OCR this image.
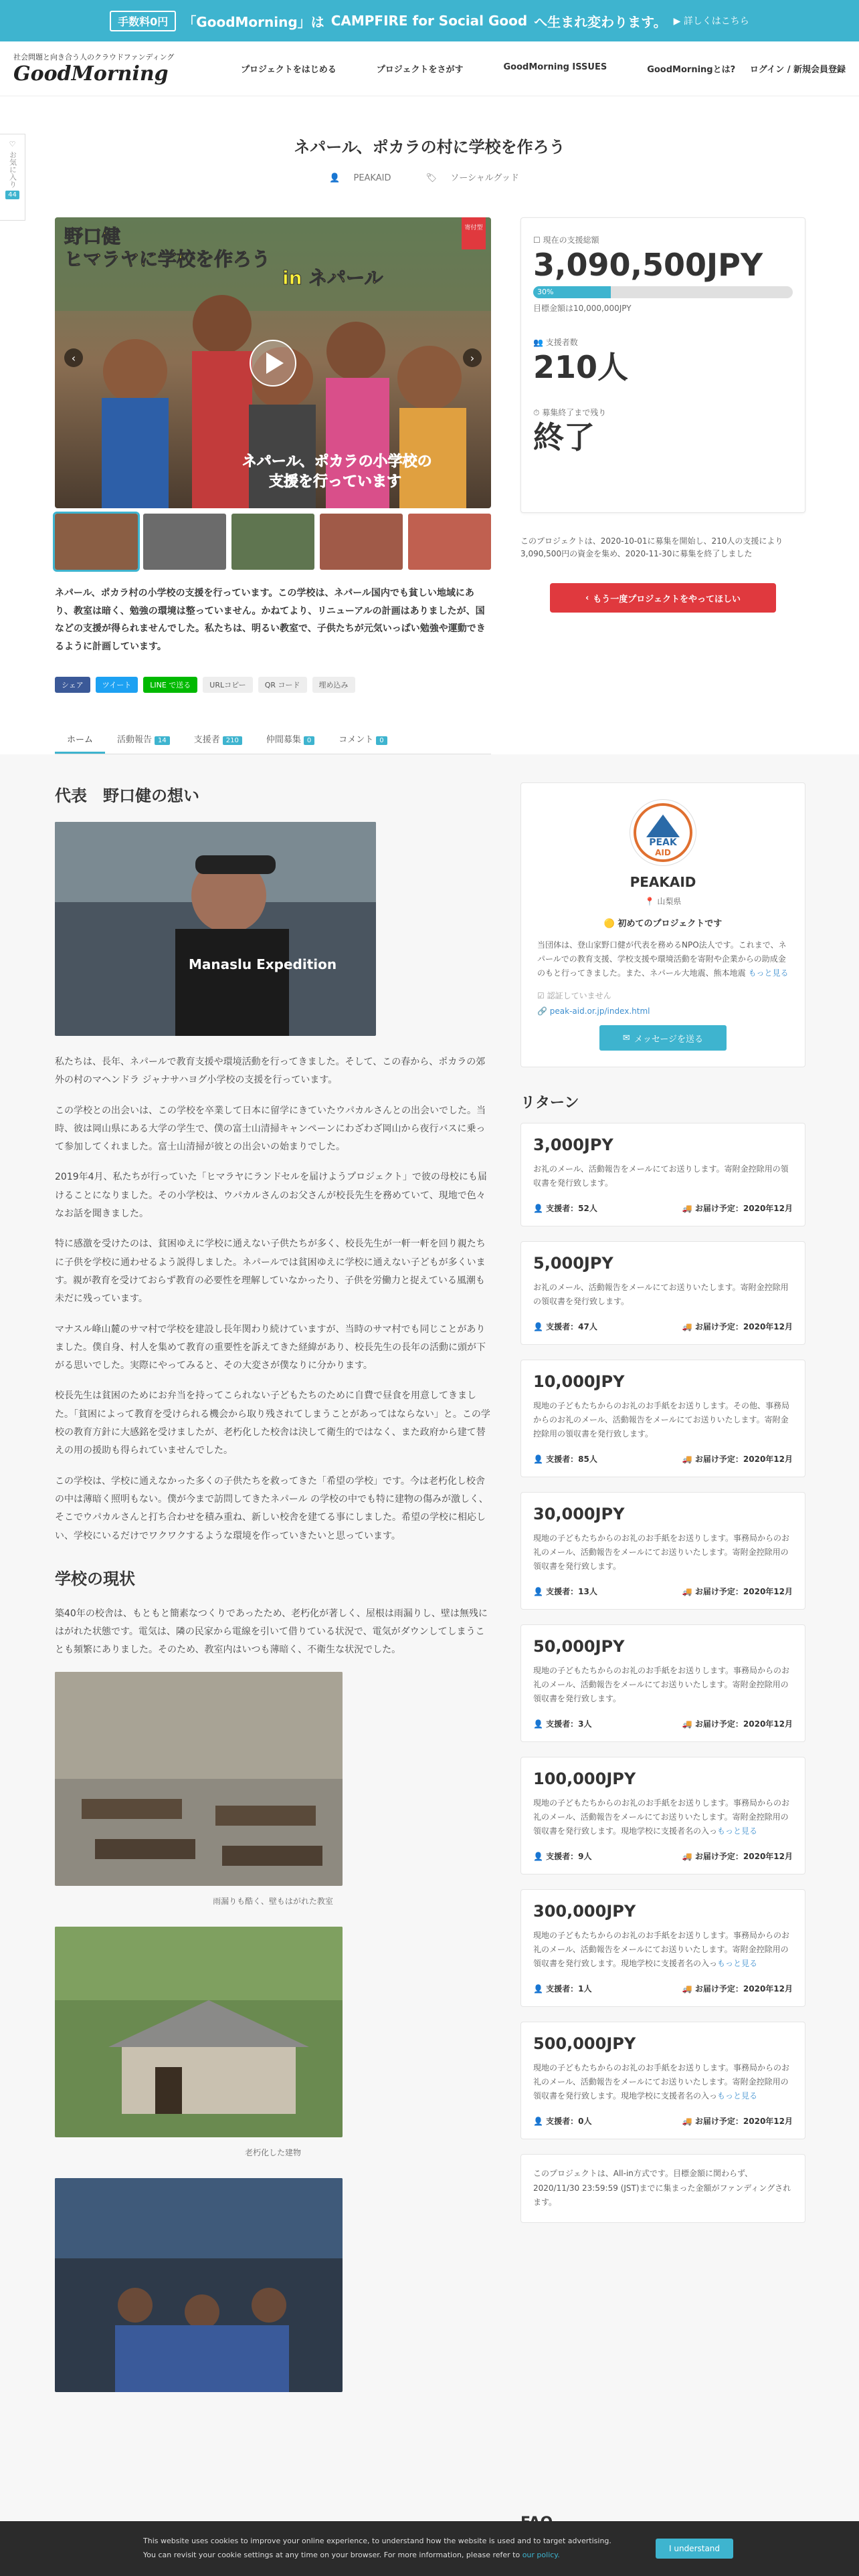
手数料0円	「GoodMorning」は CAMPFIRE for Social Good へ生まれ変わります。 ▶ 詳しくはこちら
社会問題と向き合う人のクラウドファンディング
GoodMorning	プロジェクトをはじめる	プロジェクトをさがす	GoodMorning ISSUES	GoodMorningとは? ログイン / 新規会員登録
♡
お気に入り
44
ネパール、ポカラの村に学校を作ろう
👤 PEAKAID	🏷 ソーシャルグッド
野口健
ヒマラヤに学校を作ろう
in ネパール
ネパール、ポカラの小学校の
支援を行っています
寄付型
‹	›
☐ 現在の支援総額
3,090,500JPY
30%
目標金額は10,000,000JPY
👥 支援者数
210人
⏱ 募集終了まで残り
終了
このプロジェクトは、2020-10-01に募集を開始し、210人の支援により3,090,500円の資金を集め、2020-11-30に募集を終了しました
‹ もう一度プロジェクトをやってほしい
ネパール、ポカラ村の小学校の支援を行っています。この学校は、ネパール国内でも貧しい地域にあり、教室は暗く、勉強の環境は整っていません。かねてより、リニューアルの計画はありましたが、国などの支援が得られませんでした。私たちは、明るい教室で、子供たちが元気いっぱい勉強や運動できるように計画しています。
シェア	ツイート	LINE で送る	URLコピー	QR コード	埋め込み
ホーム	活動報告 14	支援者 210	仲間募集 0	コメント 0
代表　野口健の想い
Manaslu Expedition

私たちは、長年、ネパールで教育支援や環境活動を行ってきました。そして、この春から、ポカラの郊外の村のマヘンドラ ジャナサハヨグ小学校の支援を行っています。

この学校との出会いは、この学校を卒業して日本に留学にきていたウパカルさんとの出会いでした。当時、彼は岡山県にある大学の学生で、僕の富士山清掃キャンペーンにわざわざ岡山から夜行バスに乗って参加してくれました。富士山清掃が彼との出会いの始まりでした。

2019年4月、私たちが行っていた「ヒマラヤにランドセルを届けようプロジェクト」で彼の母校にも届けることになりました。その小学校は、ウパカルさんのお父さんが校長先生を務めていて、現地で色々なお話を聞きました。

特に感激を受けたのは、貧困ゆえに学校に通えない子供たちが多く、校長先生が一軒一軒を回り親たちに子供を学校に通わせるよう説得しました。ネパールでは貧困ゆえに学校に通えない子どもが多くいます。親が教育を受けておらず教育の必要性を理解していなかったり、子供を労働力と捉えている風潮も未だに残っています。

マナスル峰山麓のサマ村で学校を建設し長年関わり続けていますが、当時のサマ村でも同じことがありました。僕自身、村人を集めて教育の重要性を訴えてきた経緯があり、校長先生の長年の活動に頭が下がる思いでした。実際にやってみると、その大変さが僕なりに分かります。

校長先生は貧困のためにお弁当を持ってこられない子どもたちのために自費で昼食を用意してきました。「貧困によって教育を受けられる機会から取り残されてしまうことがあってはならない」と。この学校の教育方針に大感銘を受けましたが、老朽化した校舎は決して衛生的ではなく、また政府から建て替えの用の援助も得られていませんでした。

この学校は、学校に通えなかった多くの子供たちを救ってきた「希望の学校」です。今は老朽化し校舎の中は薄暗く照明もない。僕が今まで訪問してきたネパール の学校の中でも特に建物の傷みが激しく、そこでウパカルさんと打ち合わせを積み重ね、新しい校舎を建てる事にしました。希望の学校に相応しい、学校にいるだけでワクワクするような環境を作っていきたいと思っています。

学校の現状

築40年の校舎は、もともと簡素なつくりであったため、老朽化が著しく、屋根は雨漏りし、壁は無残にはがれた状態です。電気は、隣の民家から電線を引いて借りている状況で、電気がダウンしてしまうことも頻繁にありました。そのため、教室内はいつも薄暗く、不衛生な状況でした。

雨漏りも酷く、壁もはがれた教室
老朽化した建物
PEAK
AID
PEAKAID
📍 山梨県
🟡 初めてのプロジェクトです
当団体は、登山家野口健が代表を務めるNPO法人です。これまで、ネパールでの教育支援、学校支援や環境活動を寄附や企業からの助成金のもと行ってきました。また、ネパール大地震、熊本地震 もっと見る
☑ 認証していません
🔗 peak-aid.or.jp/index.html
✉ メッセージを送る
リターン
3,000JPY
お礼のメール、活動報告をメールにてお送りします。寄附金控除用の領収書を発行致します。
👤 支援者：52人	🚚 お届け予定：2020年12月
5,000JPY
お礼のメール、活動報告をメールにてお送りいたします。寄附金控除用の領収書を発行致します。
👤 支援者：47人	🚚 お届け予定：2020年12月
10,000JPY
現地の子どもたちからのお礼のお手紙をお送りします。その他、事務局からのお礼のメール、活動報告をメールにてお送りいたします。寄附金控除用の領収書を発行致します。
👤 支援者：85人	🚚 お届け予定：2020年12月
30,000JPY
現地の子どもたちからのお礼のお手紙をお送りします。事務局からのお礼のメール、活動報告をメールにてお送りいたします。寄附金控除用の領収書を発行致します。
👤 支援者：13人	🚚 お届け予定：2020年12月
50,000JPY
現地の子どもたちからのお礼のお手紙をお送りします。事務局からのお礼のメール、活動報告をメールにてお送りいたします。寄附金控除用の領収書を発行致します。
👤 支援者：3人	🚚 お届け予定：2020年12月
100,000JPY
現地の子どもたちからのお礼のお手紙をお送りします。事務局からのお礼のメール、活動報告をメールにてお送りいたします。寄附金控除用の領収書を発行致します。現地学校に支援者名の入っもっと見る
👤 支援者：9人	🚚 お届け予定：2020年12月
300,000JPY
現地の子どもたちからのお礼のお手紙をお送りします。事務局からのお礼のメール、活動報告をメールにてお送りいたします。寄附金控除用の領収書を発行致します。現地学校に支援者名の入っもっと見る
👤 支援者：1人	🚚 お届け予定：2020年12月
500,000JPY
現地の子どもたちからのお礼のお手紙をお送りします。事務局からのお礼のメール、活動報告をメールにてお送りいたします。寄附金控除用の領収書を発行致します。現地学校に支援者名の入っもっと見る
👤 支援者：0人	🚚 お届け予定：2020年12月
このプロジェクトは、All-in方式です。目標金額に関わらず、2020/11/30 23:59:59 (JST)までに集まった金額がファンディングされます。
This website uses cookies to improve your online experience, to understand how the website is used and to target advertising.
You can revisit your cookie settings at any time on your browser. For more information, please refer to our policy.
I understand
